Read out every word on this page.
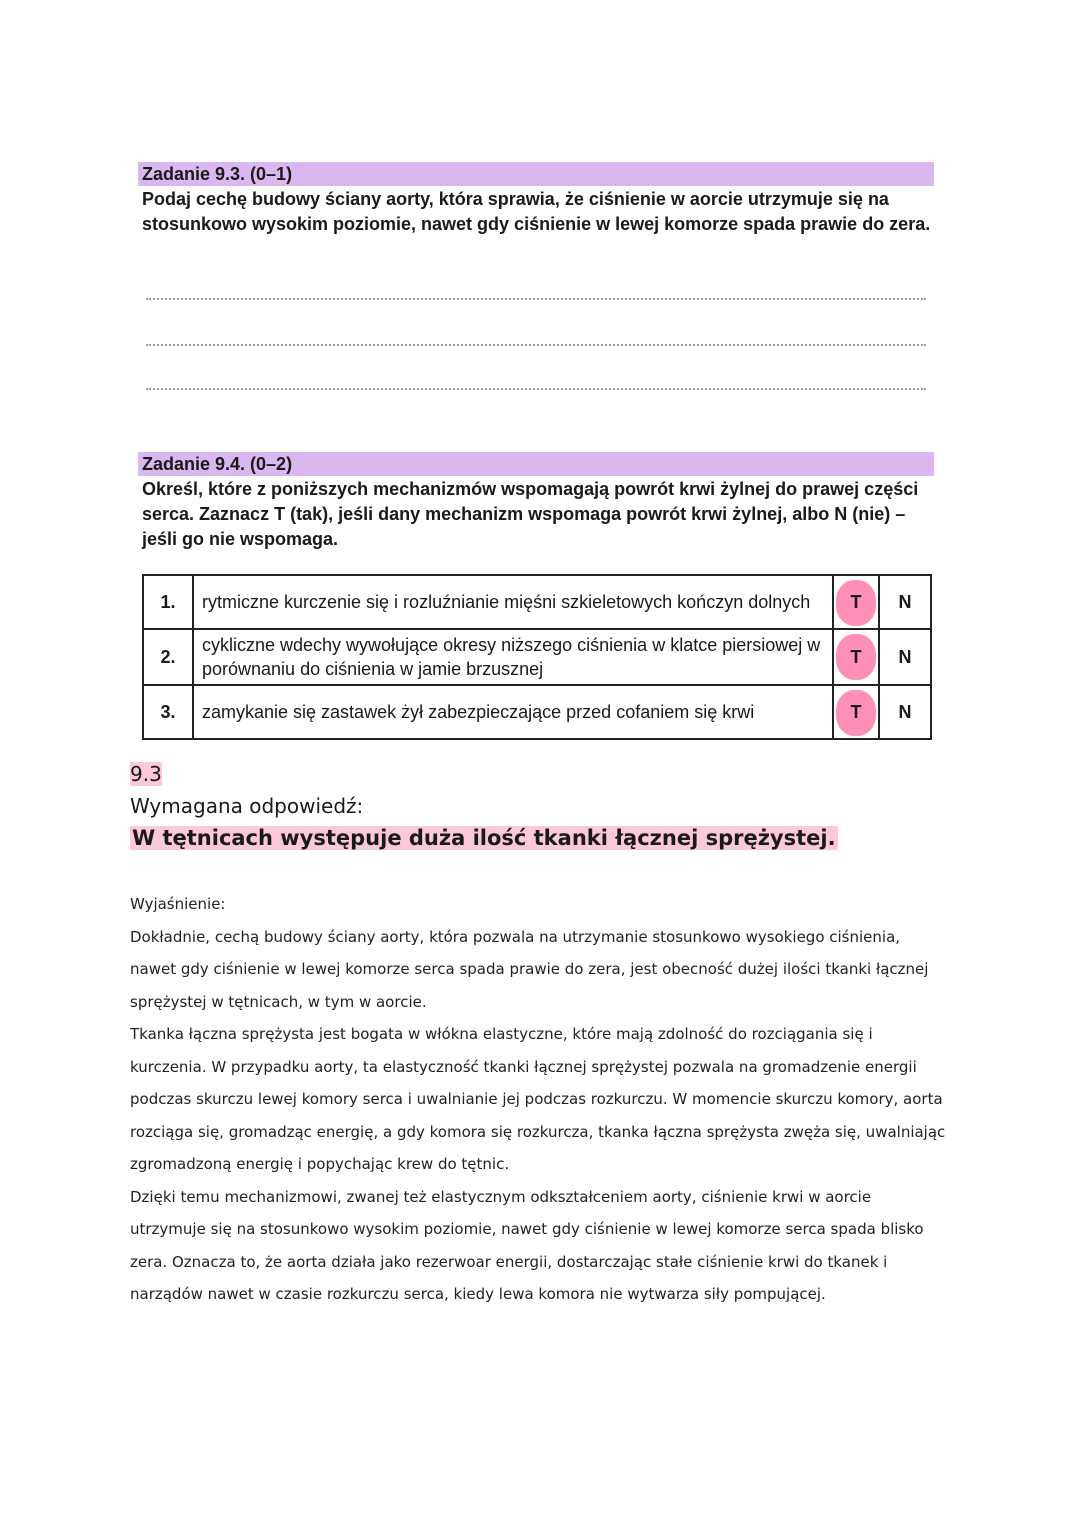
Zadanie 9.3. (0–1)
Podaj cechę budowy ściany aorty, która sprawia, że ciśnienie w aorcie utrzymuje się na stosunkowo wysokim poziomie, nawet gdy ciśnienie w lewej komorze spada prawie do zera.
Zadanie 9.4. (0–2)
Określ, które z poniższych mechanizmów wspomagają powrót krwi żylnej do prawej części serca. Zaznacz T (tak), jeśli dany mechanizm wspomaga powrót krwi żylnej, albo N (nie) – jeśli go nie wspomaga.
1.	rytmiczne kurczenie się i rozluźnianie mięśni szkieletowych kończyn dolnych	T	N
2.	cykliczne wdechy wywołujące okresy niższego ciśnienia w klatce piersiowej w porównaniu do ciśnienia w jamie brzusznej	T	N
3.	zamykanie się zastawek żył zabezpieczające przed cofaniem się krwi	T	N
9.3
Wymagana odpowiedź:
W tętnicach występuje duża ilość tkanki łącznej sprężystej.

Wyjaśnienie:

Dokładnie, cechą budowy ściany aorty, która pozwala na utrzymanie stosunkowo wysokiego ciśnienia, nawet gdy ciśnienie w lewej komorze serca spada prawie do zera, jest obecność dużej ilości tkanki łącznej sprężystej w tętnicach, w tym w aorcie.

Tkanka łączna sprężysta jest bogata w włókna elastyczne, które mają zdolność do rozciągania się i kurczenia. W przypadku aorty, ta elastyczność tkanki łącznej sprężystej pozwala na gromadzenie energii podczas skurczu lewej komory serca i uwalnianie jej podczas rozkurczu. W momencie skurczu komory, aorta rozciąga się, gromadząc energię, a gdy komora się rozkurcza, tkanka łączna sprężysta zwęża się, uwalniając zgromadzoną energię i popychając krew do tętnic.

Dzięki temu mechanizmowi, zwanej też elastycznym odkształceniem aorty, ciśnienie krwi w aorcie utrzymuje się na stosunkowo wysokim poziomie, nawet gdy ciśnienie w lewej komorze serca spada blisko zera. Oznacza to, że aorta działa jako rezerwoar energii, dostarczając stałe ciśnienie krwi do tkanek i narządów nawet w czasie rozkurczu serca, kiedy lewa komora nie wytwarza siły pompującej.
